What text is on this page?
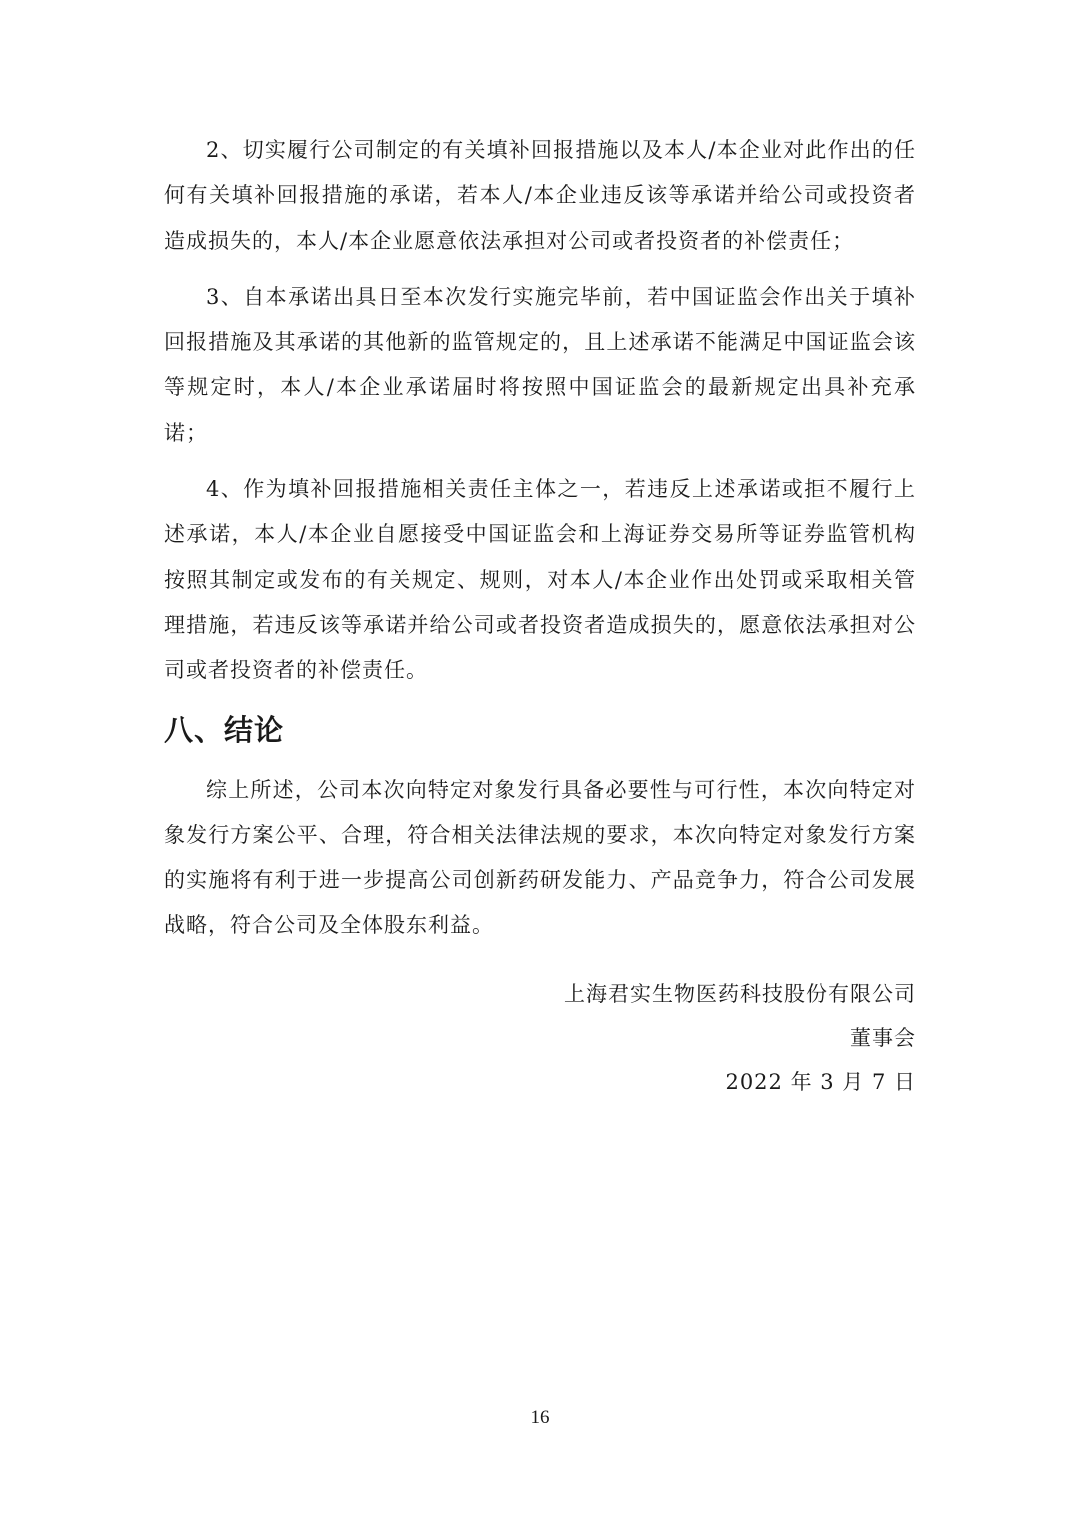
2、切实履行公司制定的有关填补回报措施以及本人/本企业对此作出的任何有关填补回报措施的承诺，若本人/本企业违反该等承诺并给公司或投资者造成损失的，本人/本企业愿意依法承担对公司或者投资者的补偿责任；

3、自本承诺出具日至本次发行实施完毕前，若中国证监会作出关于填补回报措施及其承诺的其他新的监管规定的，且上述承诺不能满足中国证监会该等规定时，本人/本企业承诺届时将按照中国证监会的最新规定出具补充承诺；

4、作为填补回报措施相关责任主体之一，若违反上述承诺或拒不履行上述承诺，本人/本企业自愿接受中国证监会和上海证券交易所等证券监管机构按照其制定或发布的有关规定、规则，对本人/本企业作出处罚或采取相关管理措施，若违反该等承诺并给公司或者投资者造成损失的，愿意依法承担对公司或者投资者的补偿责任。

八、结论

综上所述，公司本次向特定对象发行具备必要性与可行性，本次向特定对象发行方案公平、合理，符合相关法律法规的要求，本次向特定对象发行方案的实施将有利于进一步提高公司创新药研发能力、产品竞争力，符合公司发展战略，符合公司及全体股东利益。

上海君实生物医药科技股份有限公司
董事会
2022 年 3 月 7 日
16
